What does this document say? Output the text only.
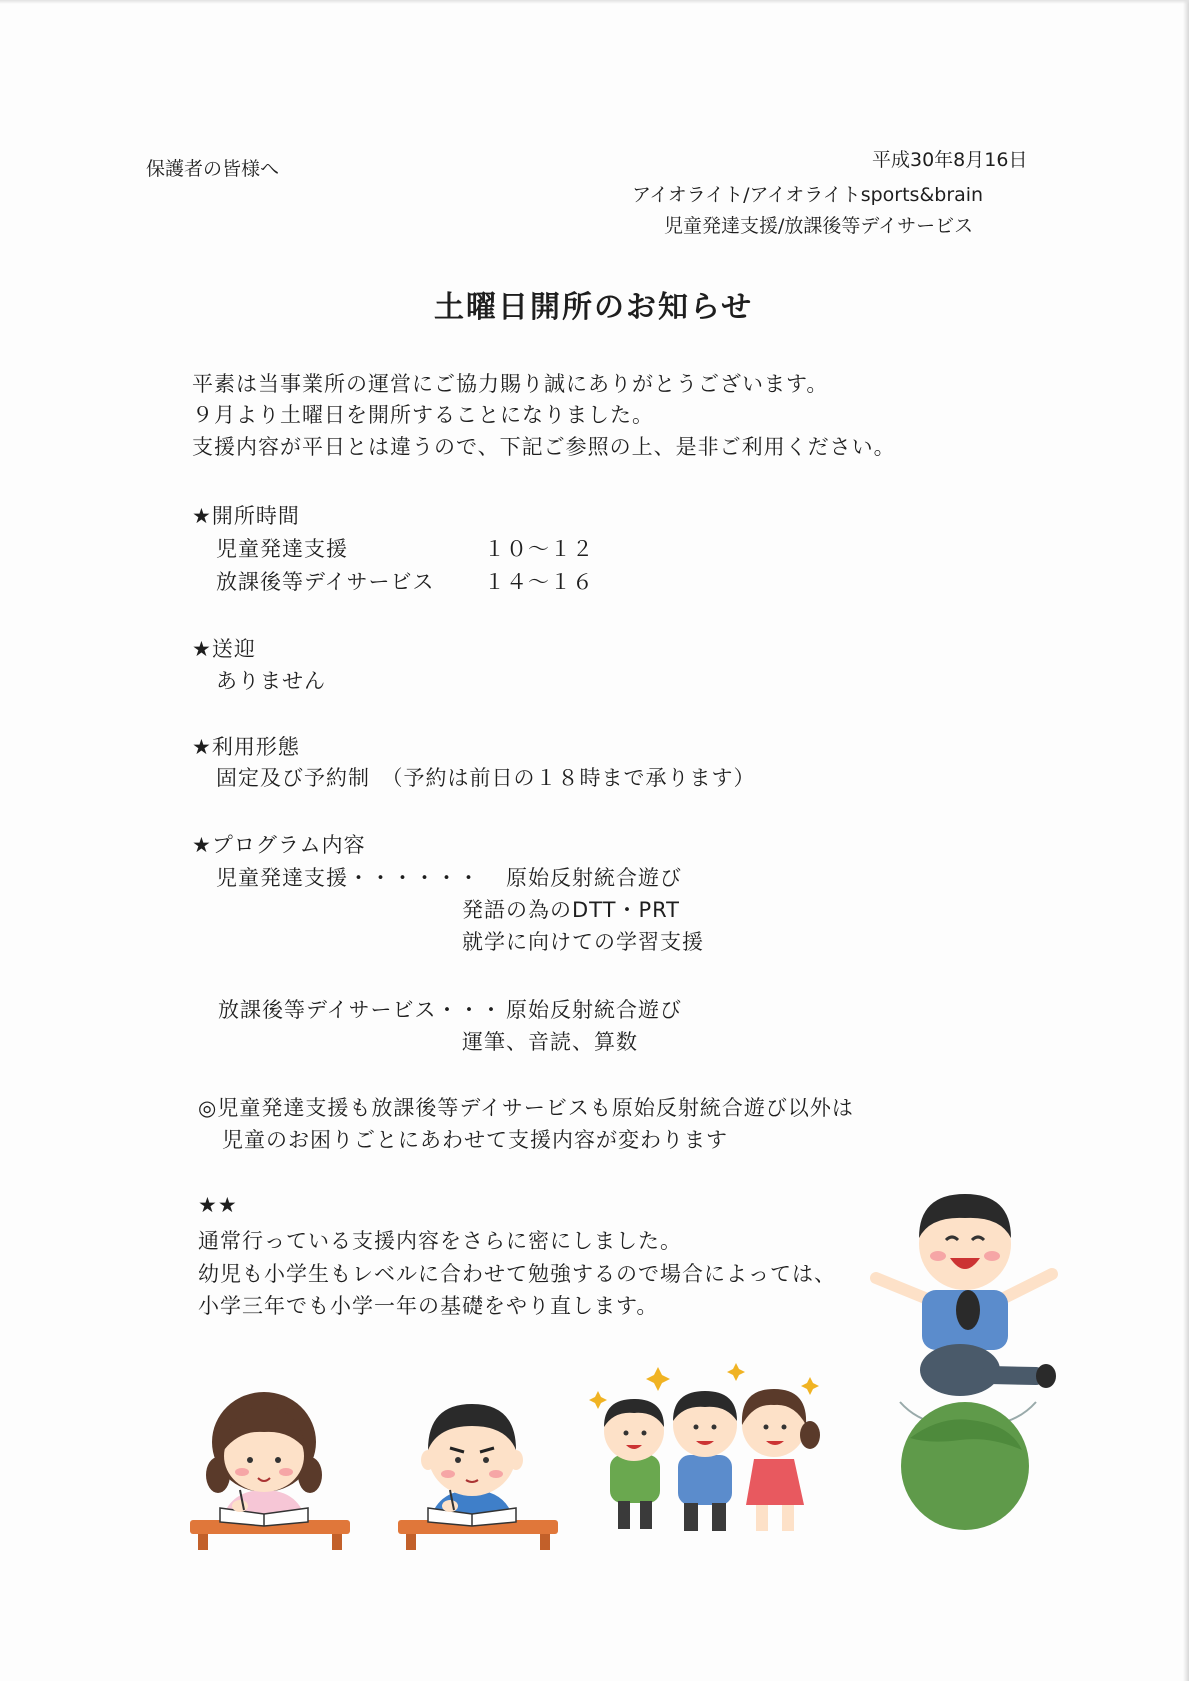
保護者の皆様へ	平成30年8月16日
アイオライト/アイオライトsports&brain
児童発達支援/放課後等デイサービス
土曜日開所のお知らせ
平素は当事業所の運営にご協力賜り誠にありがとうございます。
９月より土曜日を開所することになりました。
支援内容が平日とは違うので、下記ご参照の上、是非ご利用ください。
★開所時間
児童発達支援	１０～１２
放課後等デイサービス １４～１６
★送迎
ありません
★利用形態
固定及び予約制　（予約は前日の１８時まで承ります）
★プログラム内容
児童発達支援・・・・・・ 原始反射統合遊び
発語の為のDTT・PRT
就学に向けての学習支援
放課後等デイサービス・・・ 原始反射統合遊び
運筆、音読、算数
◎児童発達支援も放課後等デイサービスも原始反射統合遊び以外は
児童のお困りごとにあわせて支援内容が変わります
★★
通常行っている支援内容をさらに密にしました。
幼児も小学生もレベルに合わせて勉強するので場合によっては、
小学三年でも小学一年の基礎をやり直します。
